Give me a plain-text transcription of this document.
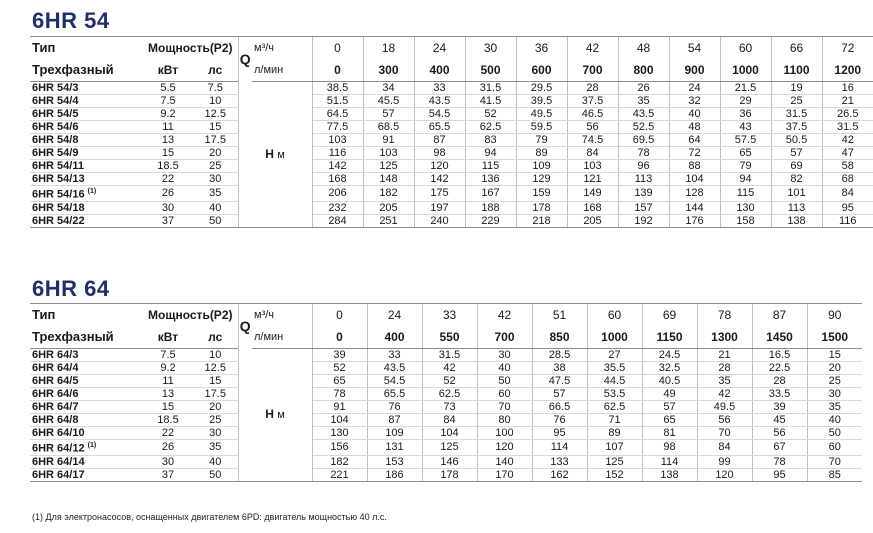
6HR 54
Тип	Мощность(P2)		Q	м³/ч	0	18	24	30	36	42	48	54	60	66	72
Трехфазный	кВт	лс		л/мин	0	300	400	500	600	700	800	900	1000	1100	1200
6HR 54/3	5.5	7.5	H м		38.5	34	33	31.5	29.5	28	26	24	21.5	19	16
6HR 54/4	7.5	10			51.5	45.5	43.5	41.5	39.5	37.5	35	32	29	25	21
6HR 54/5	9.2	12.5			64.5	57	54.5	52	49.5	46.5	43.5	40	36	31.5	26.5
6HR 54/6	11	15			77.5	68.5	65.5	62.5	59.5	56	52.5	48	43	37.5	31.5
6HR 54/8	13	17.5			103	91	87	83	79	74.5	69.5	64	57.5	50.5	42
6HR 54/9	15	20			116	103	98	94	89	84	78	72	65	57	47
6HR 54/11	18.5	25			142	125	120	115	109	103	96	88	79	69	58
6HR 54/13	22	30			168	148	142	136	129	121	113	104	94	82	68
6HR 54/16 $^{(1)}$	26	35			206	182	175	167	159	149	139	128	115	101	84
6HR 54/18	30	40			232	205	197	188	178	168	157	144	130	113	95
6HR 54/22	37	50			284	251	240	229	218	205	192	176	158	138	116
6HR 64
Тип	Мощность(P2)		Q	м³/ч	0	24	33	42	51	60	69	78	87	90
Трехфазный	кВт	лс		л/мин	0	400	550	700	850	1000	1150	1300	1450	1500
6HR 64/3	7.5	10	H м		39	33	31.5	30	28.5	27	24.5	21	16.5	15
6HR 64/4	9.2	12.5			52	43.5	42	40	38	35.5	32.5	28	22.5	20
6HR 64/5	11	15			65	54.5	52	50	47.5	44.5	40.5	35	28	25
6HR 64/6	13	17.5			78	65.5	62.5	60	57	53.5	49	42	33.5	30
6HR 64/7	15	20			91	76	73	70	66.5	62.5	57	49.5	39	35
6HR 64/8	18.5	25			104	87	84	80	76	71	65	56	45	40
6HR 64/10	22	30			130	109	104	100	95	89	81	70	56	50
6HR 64/12 $^{(1)}$	26	35			156	131	125	120	114	107	98	84	67	60
6HR 64/14	30	40			182	153	146	140	133	125	114	99	78	70
6HR 64/17	37	50			221	186	178	170	162	152	138	120	95	85
(1) Для электронасосов, оснащенных двигателем 6PD: двигатель мощностью 40 л.с.
